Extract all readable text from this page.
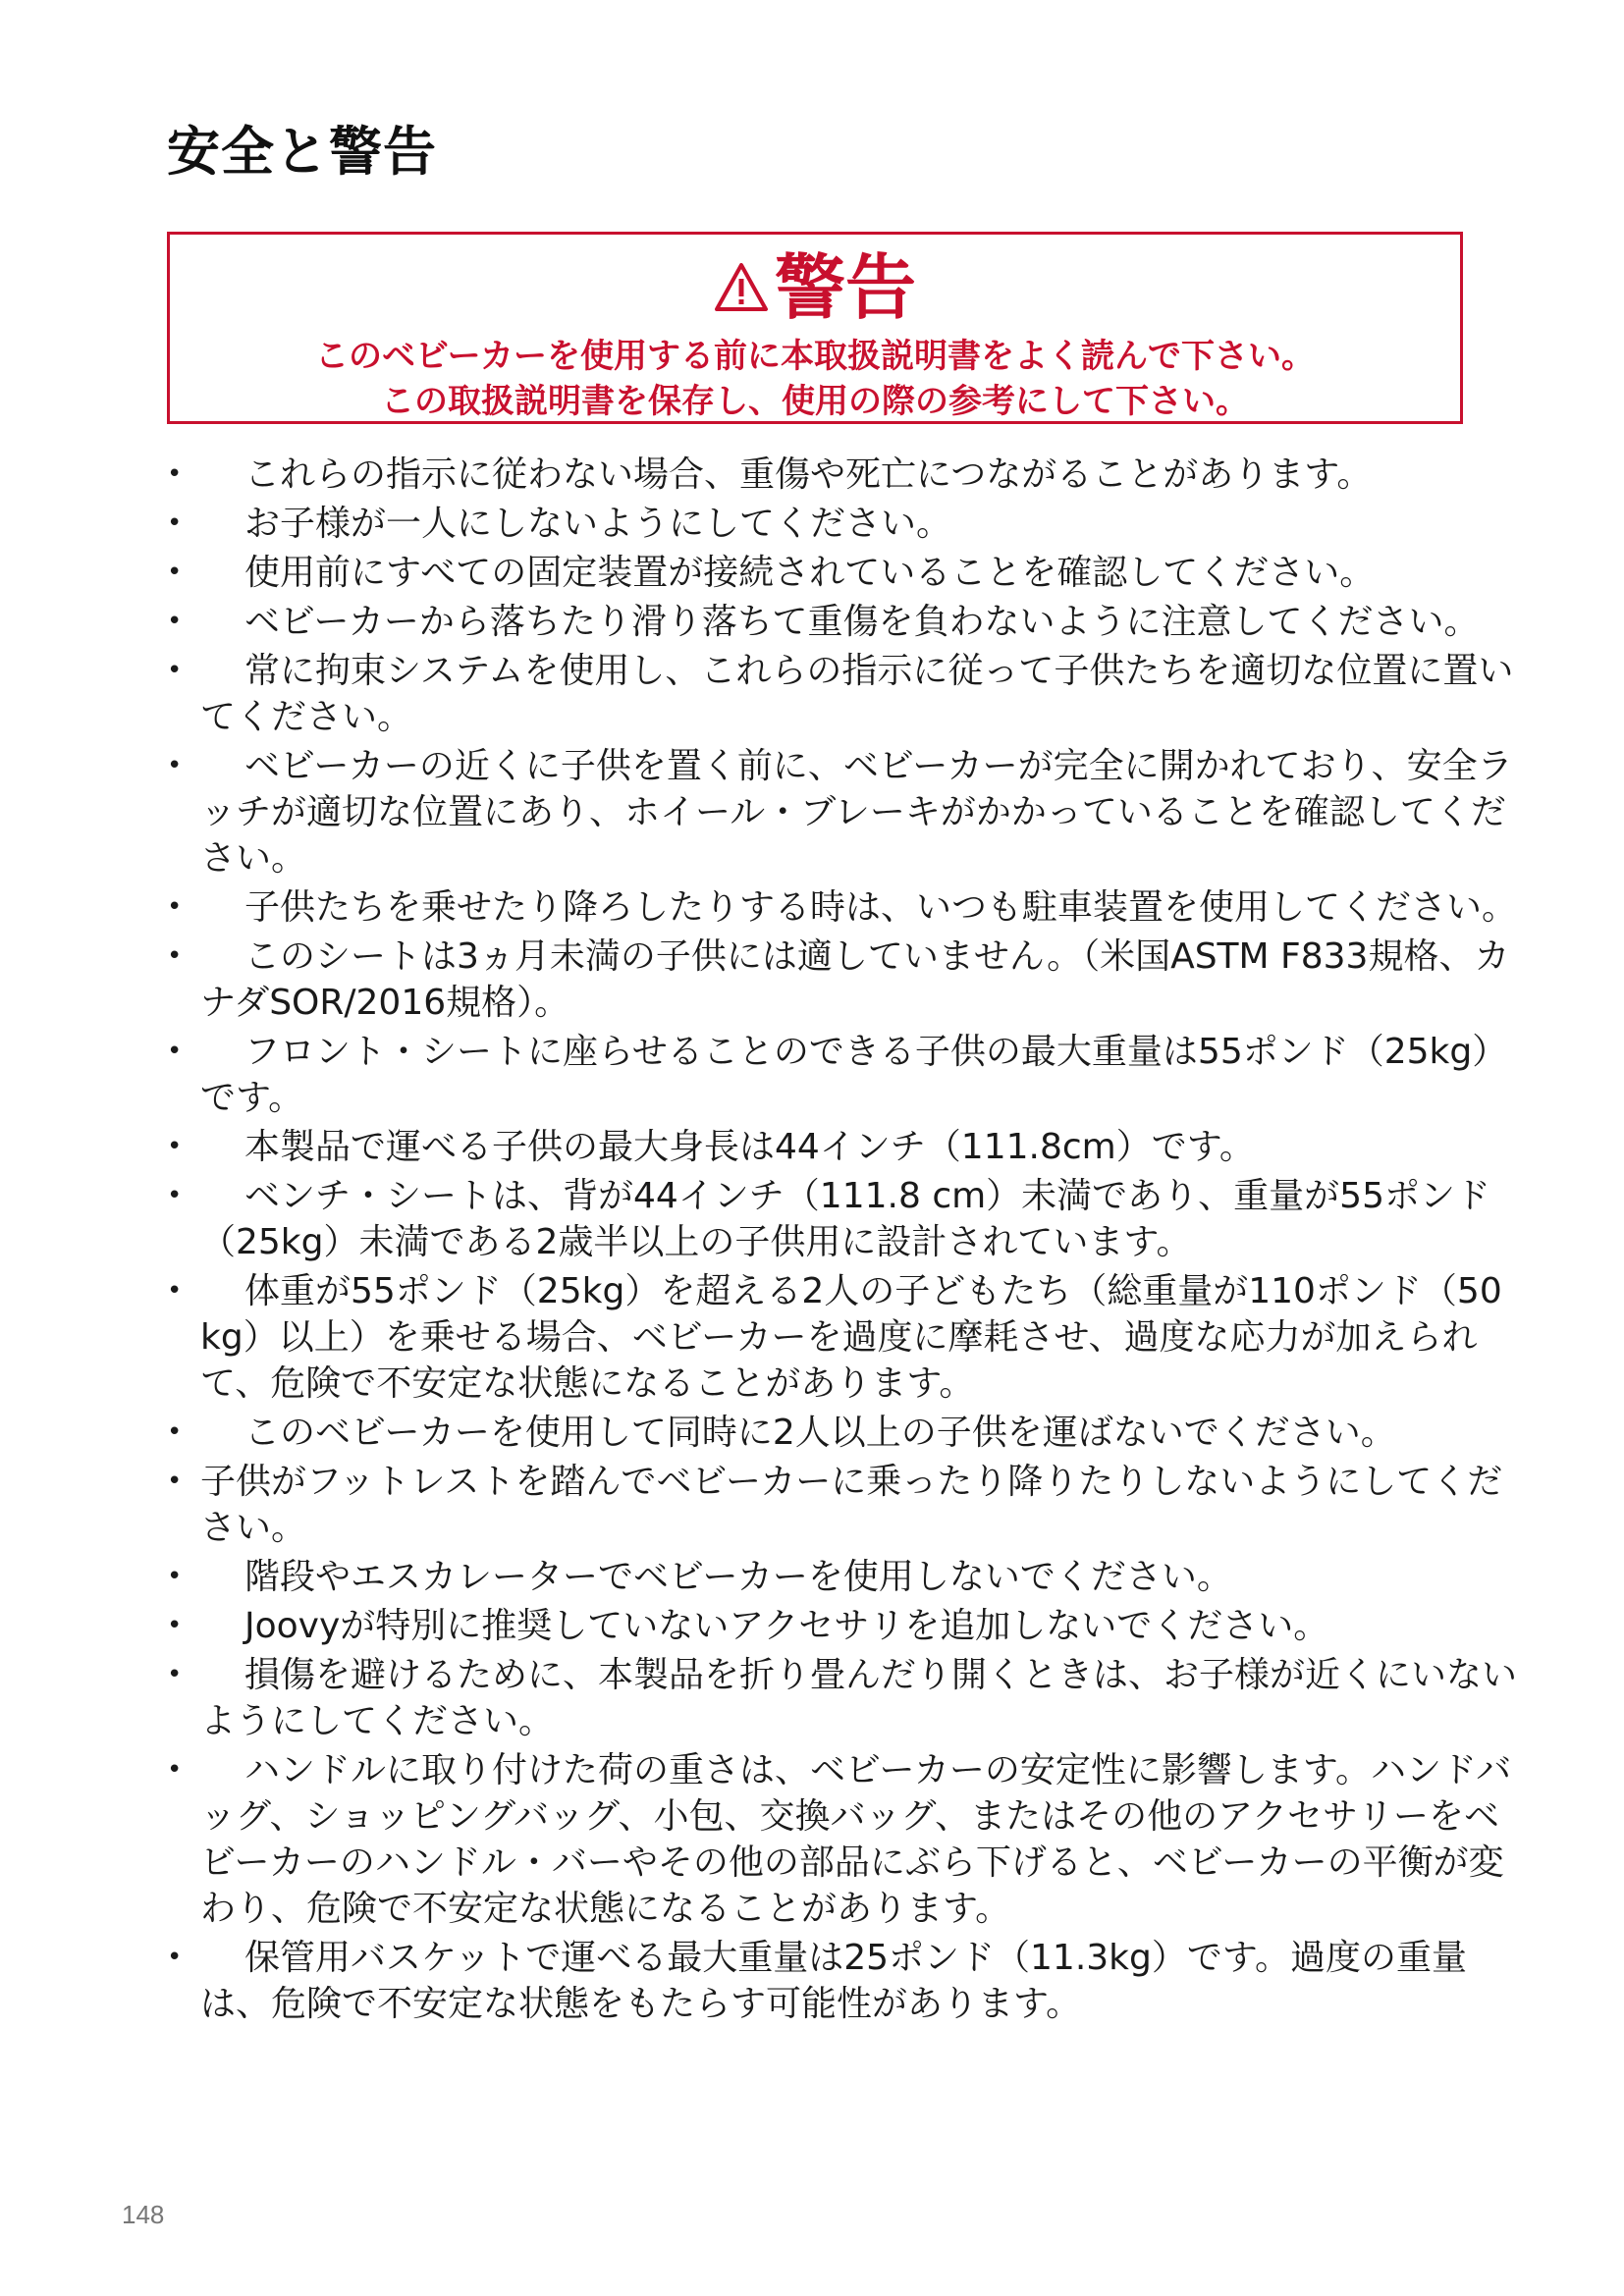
安全と警告
警告
このベビーカーを使用する前に本取扱説明書をよく読んで下さい。
この取扱説明書を保存し、使用の際の参考にして下さい。
•	これらの指示に従わない場合、重傷や死亡につながることがあります。
•	お子様が一人にしないようにしてください。
•	使用前にすべての固定装置が接続されていることを確認してください。
•	ベビーカーから落ちたり滑り落ちて重傷を負わないように注意してください。
•	常に拘束システムを使用し、これらの指示に従って子供たちを適切な位置に置いてください。
•	ベビーカーの近くに子供を置く前に、ベビーカーが完全に開かれており、安全ラッチが適切な位置にあり、ホイール・ブレーキがかかっていることを確認してください。
•	子供たちを乗せたり降ろしたりする時は、いつも駐車装置を使用してください。
•	このシートは3ヵ月未満の子供には適していません。（米国ASTM F833規格、カナダSOR/2016規格）。
•	フロント・シートに座らせることのできる子供の最大重量は55ポンド（25kg）です。
•	本製品で運べる子供の最大身長は44インチ（111.8cm）です。
•	ベンチ・シートは、背が44インチ（111.8 cm）未満であり、重量が55ポンド（25kg）未満である2歳半以上の子供用に設計されています。
•	体重が55ポンド（25kg）を超える2人の子どもたち（総重量が110ポンド（50kg）以上）を乗せる場合、ベビーカーを過度に摩耗させ、過度な応力が加えられて、危険で不安定な状態になることがあります。
•	このベビーカーを使用して同時に2人以上の子供を運ばないでください。
• 子供がフットレストを踏んでベビーカーに乗ったり降りたりしないようにしてください。
•	階段やエスカレーターでベビーカーを使用しないでください。
•	Joovyが特別に推奨していないアクセサリを追加しないでください。
•	損傷を避けるために、本製品を折り畳んだり開くときは、お子様が近くにいないようにしてください。
•	ハンドルに取り付けた荷の重さは、ベビーカーの安定性に影響します。ハンドバッグ、ショッピングバッグ、小包、交換バッグ、またはその他のアクセサリーをベビーカーのハンドル・バーやその他の部品にぶら下げると、ベビーカーの平衡が変わり、危険で不安定な状態になることがあります。
•	保管用バスケットで運べる最大重量は25ポンド（11.3kg）です。過度の重量は、危険で不安定な状態をもたらす可能性があります。
148
